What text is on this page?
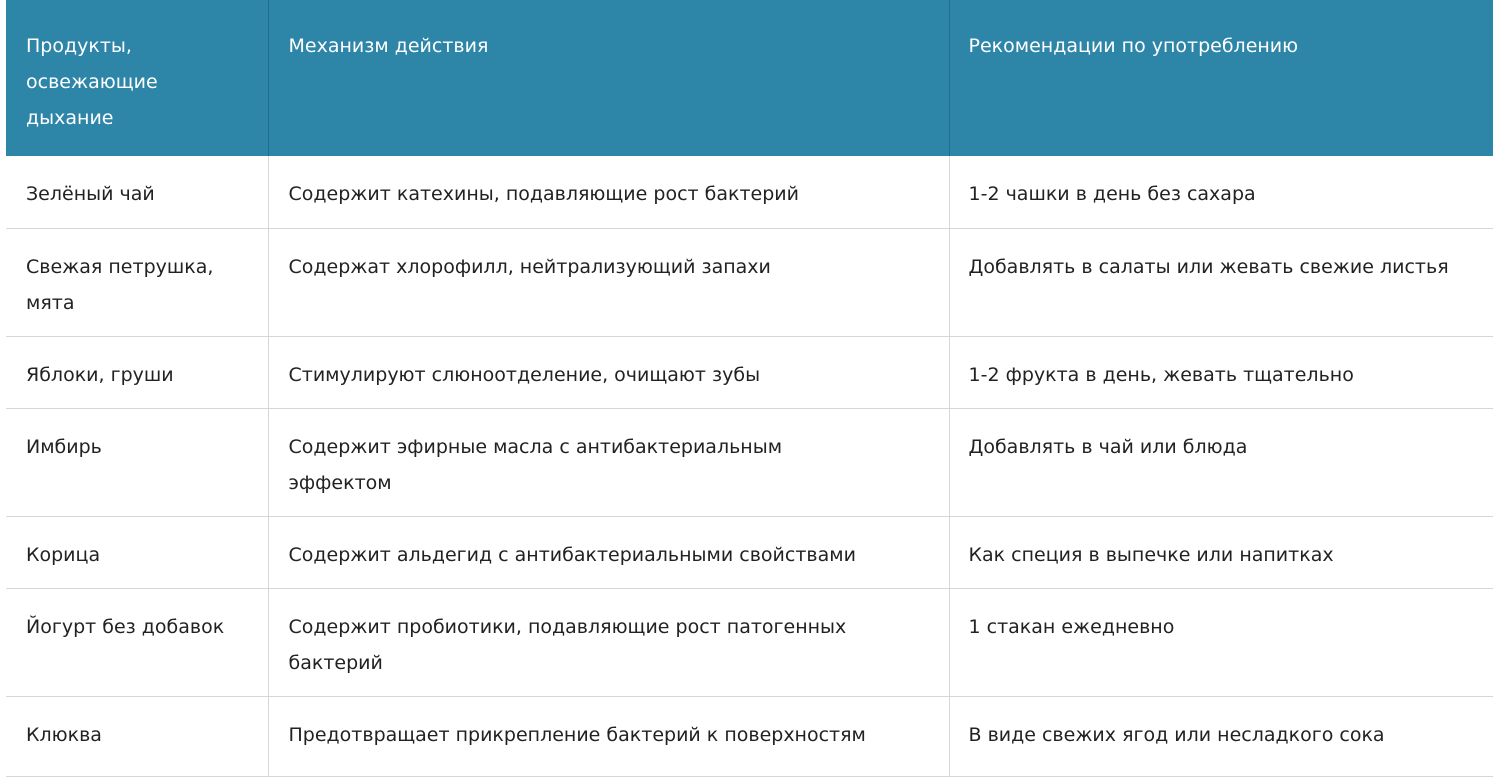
Продукты, освежающие дыхание	Механизм действия	Рекомендации по употреблению

Зелёный чай	Содержит катехины, подавляющие рост бактерий	1-2 чашки в день без сахара

Свежая петрушка, мята	Содержат хлорофилл, нейтрализующий запахи	Добавлять в салаты или жевать свежие листья

Яблоки, груши	Стимулируют слюноотделение, очищают зубы	1-2 фрукта в день, жевать тщательно

Имбирь	Содержит эфирные масла с антибактериальным эффектом	Добавлять в чай или блюда

Корица	Содержит альдегид с антибактериальными свойствами	Как специя в выпечке или напитках

Йогурт без добавок	Содержит пробиотики, подавляющие рост патогенных бактерий	1 стакан ежедневно

Клюква	Предотвращает прикрепление бактерий к поверхностям	В виде свежих ягод или несладкого сока
